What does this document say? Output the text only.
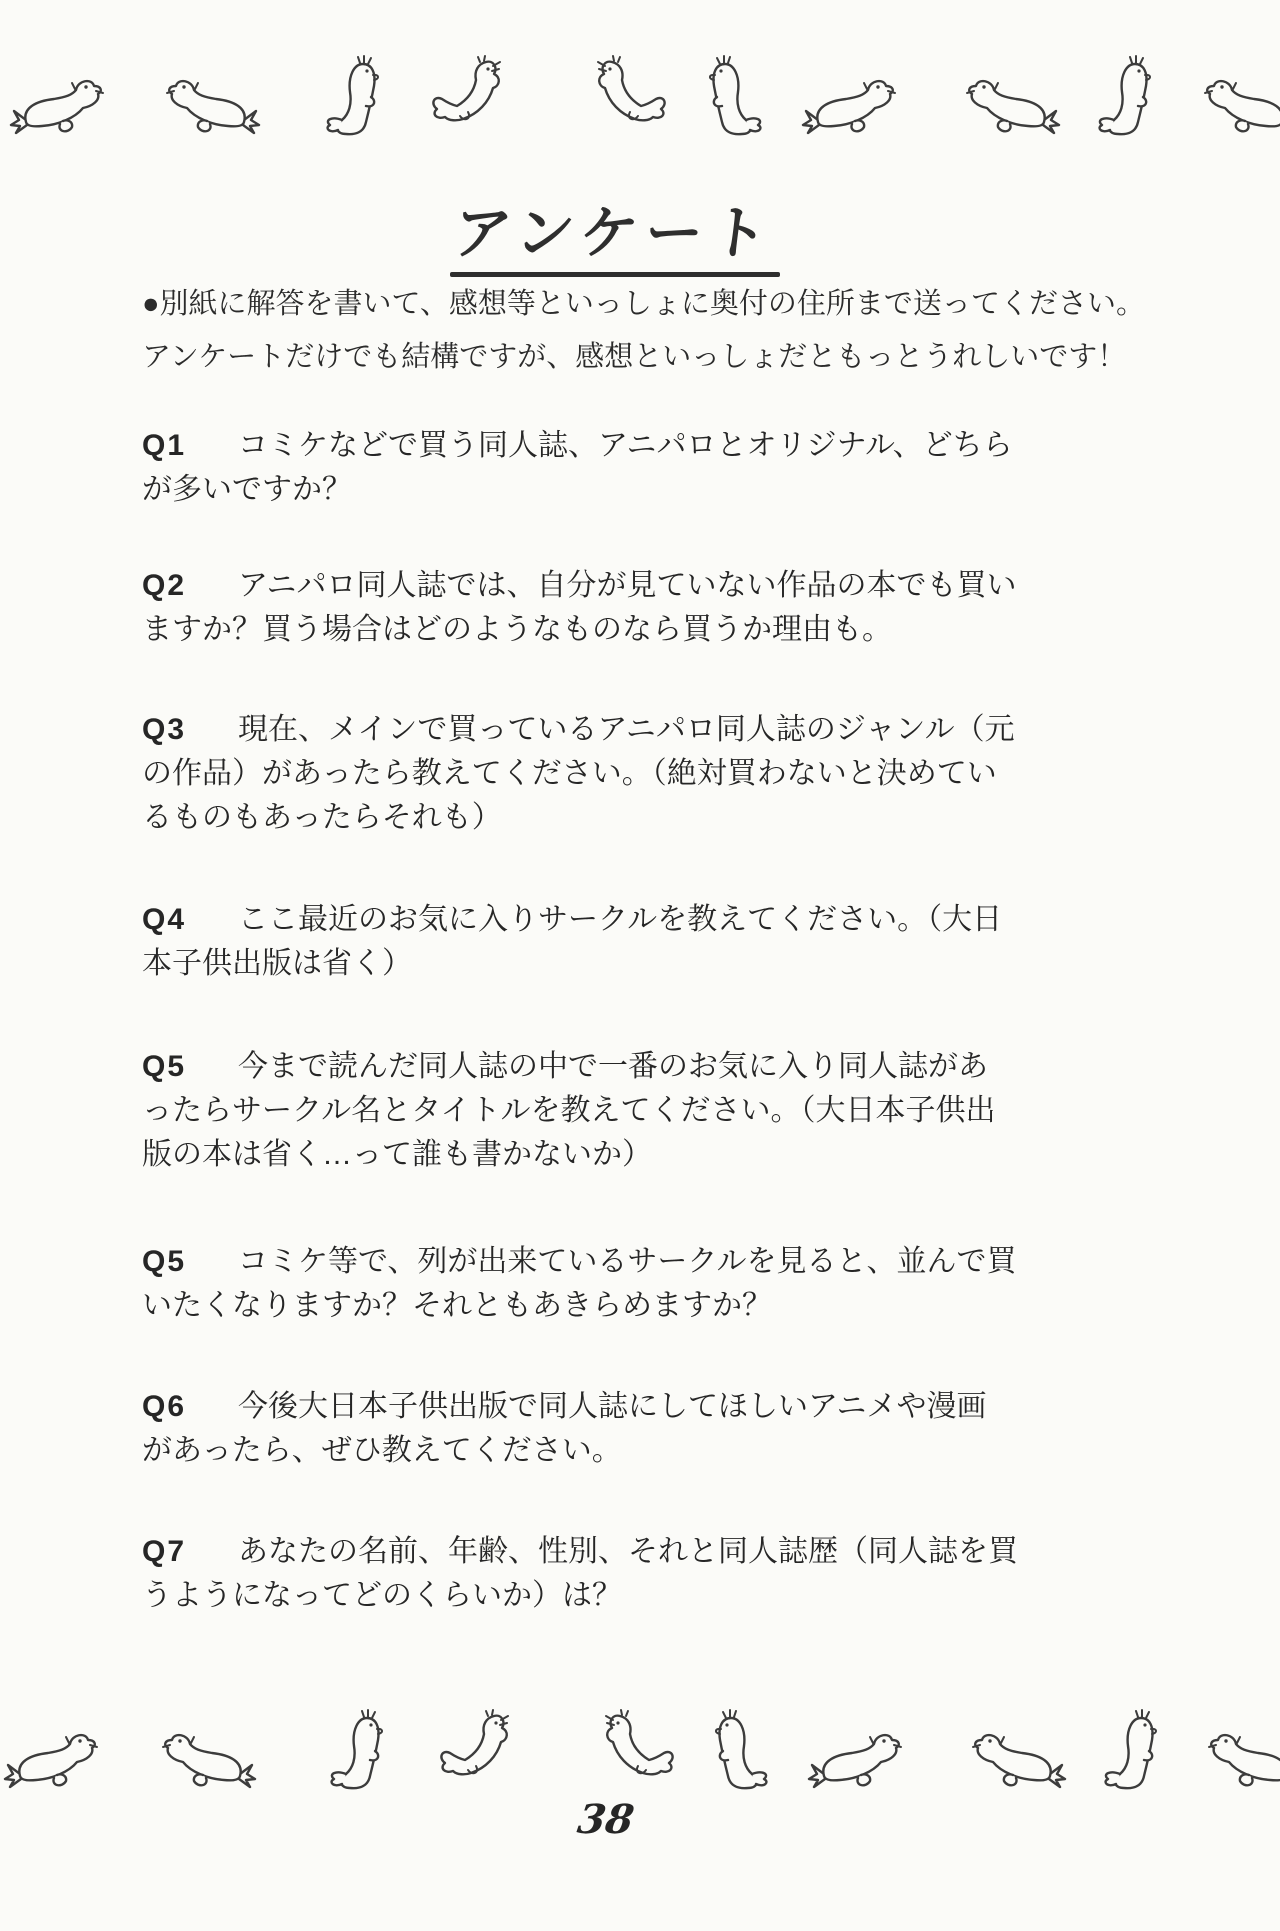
アンケート
●別紙に解答を書いて、感想等といっしょに奥付の住所まで送ってください。
アンケートだけでも結構ですが、感想といっしょだともっとうれしいです！
Q1 コミケなどで買う同人誌、アニパロとオリジナル、どちら
が多いですか？
Q2 アニパロ同人誌では、自分が見ていない作品の本でも買い
ますか？買う場合はどのようなものなら買うか理由も。
Q3 現在、メインで買っているアニパロ同人誌のジャンル（元
の作品）があったら教えてください。（絶対買わないと決めてい
るものもあったらそれも）
Q4 ここ最近のお気に入りサークルを教えてください。（大日
本子供出版は省く）
Q5 今まで読んだ同人誌の中で一番のお気に入り同人誌があ
ったらサークル名とタイトルを教えてください。（大日本子供出
版の本は省く…って誰も書かないか）
Q5 コミケ等で、列が出来ているサークルを見ると、並んで買
いたくなりますか？それともあきらめますか？
Q6 今後大日本子供出版で同人誌にしてほしいアニメや漫画
があったら、ぜひ教えてください。
Q7 あなたの名前、年齢、性別、それと同人誌歴（同人誌を買
うようになってどのくらいか）は？
38
